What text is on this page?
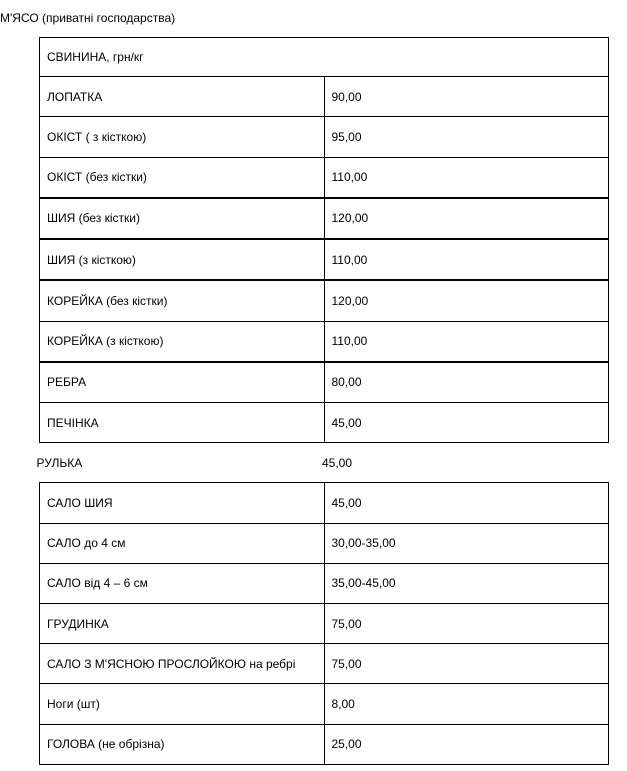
М'ЯСО (приватні господарства)
СВИНИНА, грн/кг	
ЛОПАТКА	90,00
ОКІСТ ( з кісткою)	95,00
ОКІСТ (без кістки)	110,00
ШИЯ (без кістки)	120,00
ШИЯ (з кісткою)	110,00
КОРЕЙКА (без кістки)	120,00
КОРЕЙКА (з кісткою)	110,00
РЕБРА	80,00
ПЕЧІНКА	45,00
РУЛЬКА	45,00
САЛО ШИЯ	45,00
САЛО до 4 см	30,00-35,00
САЛО від 4 – 6 см	35,00-45,00
ГРУДИНКА	75,00
САЛО З М'ЯСНОЮ ПРОСЛОЙКОЮ на ребрі	75,00
Ноги (шт)	8,00
ГОЛОВА (не обрізна)	25,00
